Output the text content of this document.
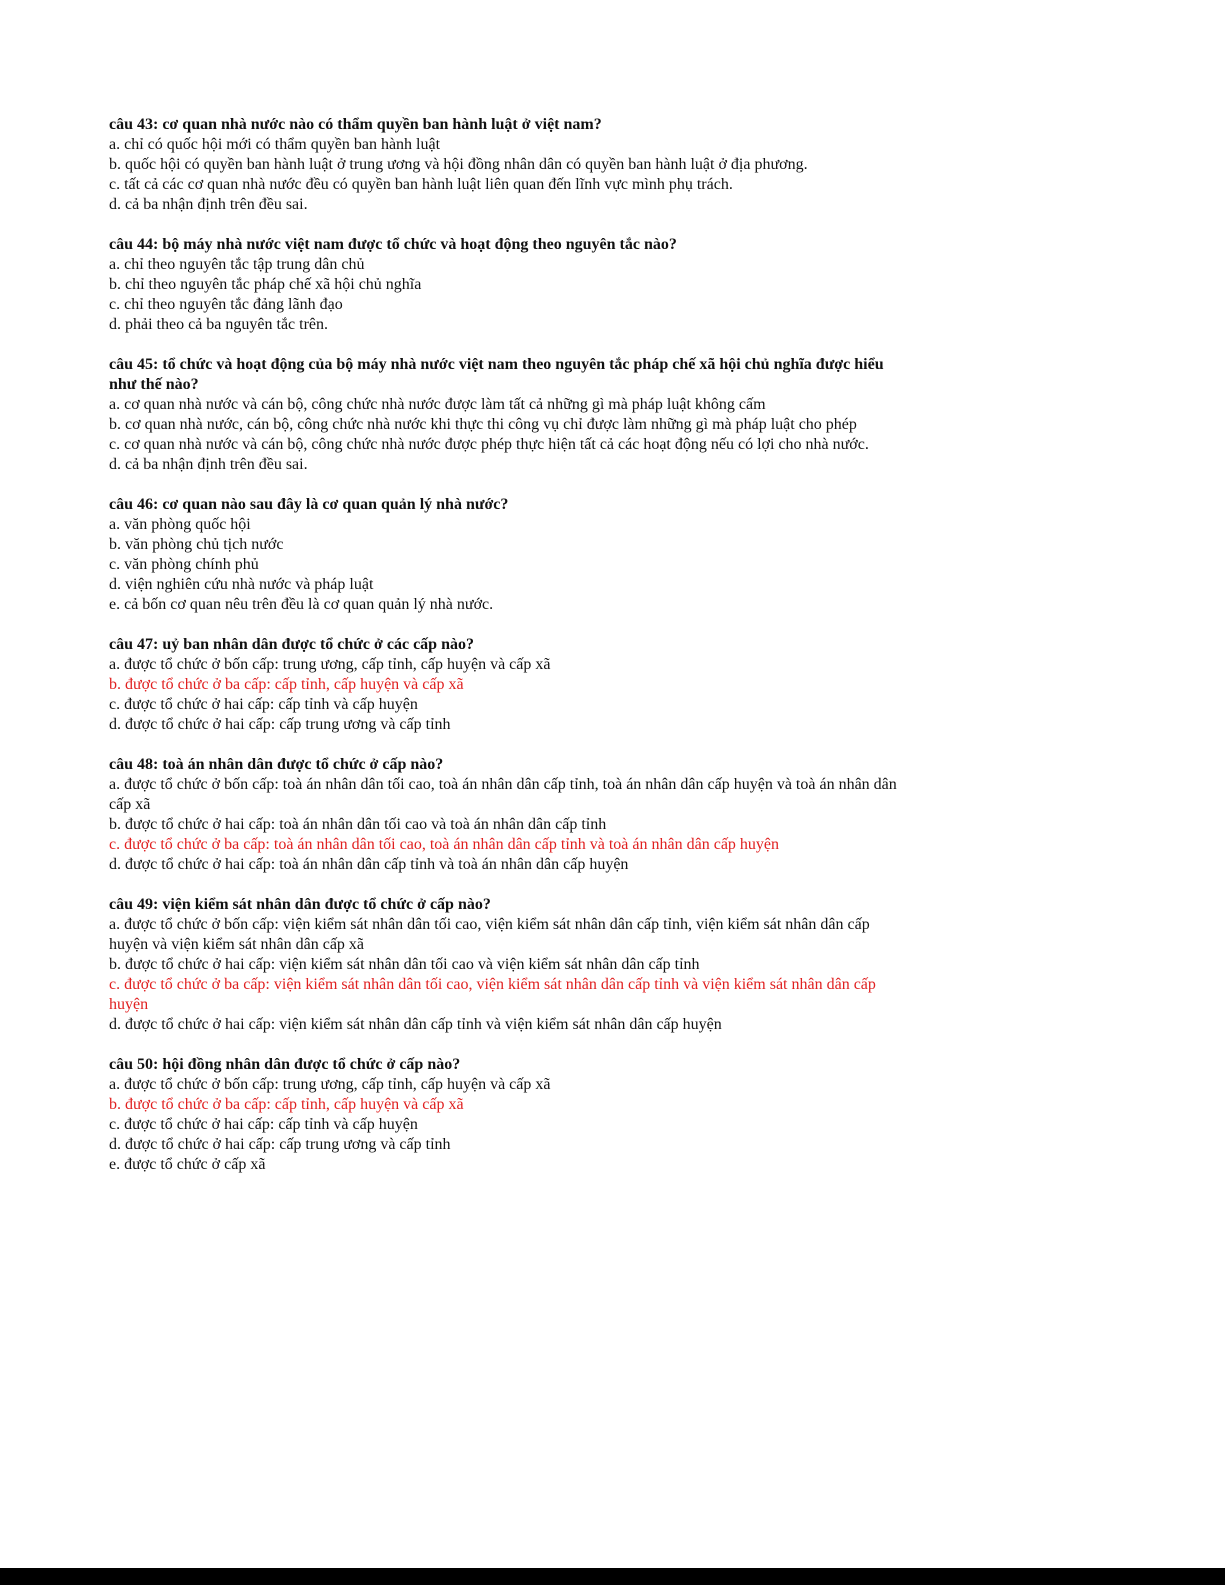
câu 43: cơ quan nhà nước nào có thẩm quyền ban hành luật ở việt nam?
a. chỉ có quốc hội mới có thẩm quyền ban hành luật
b. quốc hội có quyền ban hành luật ở trung ương và hội đồng nhân dân có quyền ban hành luật ở địa phương.
c. tất cả các cơ quan nhà nước đều có quyền ban hành luật liên quan đến lĩnh vực mình phụ trách.
d. cả ba nhận định trên đều sai.
câu 44: bộ máy nhà nước việt nam được tổ chức và hoạt động theo nguyên tắc nào?
a. chỉ theo nguyên tắc tập trung dân chủ
b. chỉ theo nguyên tắc pháp chế xã hội chủ nghĩa
c. chỉ theo nguyên tắc đảng lãnh đạo
d. phải theo cả ba nguyên tắc trên.
câu 45: tổ chức và hoạt động của bộ máy nhà nước việt nam theo nguyên tắc pháp chế xã hội chủ nghĩa được hiểu như thế nào?
a. cơ quan nhà nước và cán bộ, công chức nhà nước được làm tất cả những gì mà pháp luật không cấm
b. cơ quan nhà nước, cán bộ, công chức nhà nước khi thực thi công vụ chỉ được làm những gì mà pháp luật cho phép
c. cơ quan nhà nước và cán bộ, công chức nhà nước được phép thực hiện tất cả các hoạt động nếu có lợi cho nhà nước.
d. cả ba nhận định trên đều sai.
câu 46: cơ quan nào sau đây là cơ quan quản lý nhà nước?
a. văn phòng quốc hội
b. văn phòng chủ tịch nước
c. văn phòng chính phủ
d. viện nghiên cứu nhà nước và pháp luật
e. cả bốn cơ quan nêu trên đều là cơ quan quản lý nhà nước.
câu 47: uỷ ban nhân dân được tổ chức ở các cấp nào?
a. được tổ chức ở bốn cấp: trung ương, cấp tỉnh, cấp huyện và cấp xã
b. được tổ chức ở ba cấp: cấp tỉnh, cấp huyện và cấp xã
c. được tổ chức ở hai cấp: cấp tỉnh và cấp huyện
d. được tổ chức ở hai cấp: cấp trung ương và cấp tỉnh
câu 48: toà án nhân dân được tổ chức ở cấp nào?
a. được tổ chức ở bốn cấp: toà án nhân dân tối cao, toà án nhân dân cấp tỉnh, toà án nhân dân cấp huyện và toà án nhân dân cấp xã
b. được tổ chức ở hai cấp: toà án nhân dân tối cao và toà án nhân dân cấp tỉnh
c. được tổ chức ở ba cấp: toà án nhân dân tối cao, toà án nhân dân cấp tỉnh và toà án nhân dân cấp huyện
d. được tổ chức ở hai cấp: toà án nhân dân cấp tỉnh và toà án nhân dân cấp huyện
câu 49: viện kiểm sát nhân dân được tổ chức ở cấp nào?
a. được tổ chức ở bốn cấp: viện kiểm sát nhân dân tối cao, viện kiểm sát nhân dân cấp tỉnh, viện kiểm sát nhân dân cấp huyện và viện kiểm sát nhân dân cấp xã
b. được tổ chức ở hai cấp: viện kiểm sát nhân dân tối cao và viện kiểm sát nhân dân cấp tỉnh
c. được tổ chức ở ba cấp: viện kiểm sát nhân dân tối cao, viện kiểm sát nhân dân cấp tỉnh và viện kiểm sát nhân dân cấp huyện
d. được tổ chức ở hai cấp: viện kiểm sát nhân dân cấp tỉnh và viện kiểm sát nhân dân cấp huyện
câu 50: hội đồng nhân dân được tổ chức ở cấp nào?
a. được tổ chức ở bốn cấp: trung ương, cấp tỉnh, cấp huyện và cấp xã
b. được tổ chức ở ba cấp: cấp tỉnh, cấp huyện và cấp xã
c. được tổ chức ở hai cấp: cấp tỉnh và cấp huyện
d. được tổ chức ở hai cấp: cấp trung ương và cấp tỉnh
e. được tổ chức ở cấp xã
